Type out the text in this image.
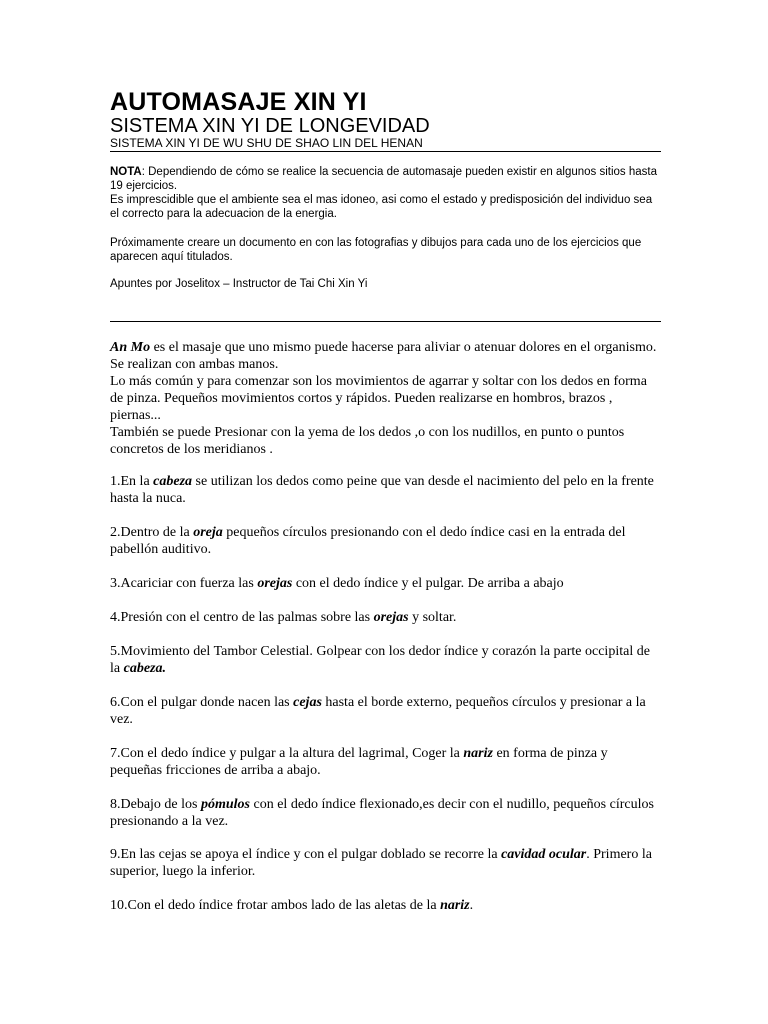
AUTOMASAJE XIN YI
SISTEMA XIN YI DE LONGEVIDAD
SISTEMA XIN YI DE WU SHU DE SHAO LIN DEL HENAN

NOTA: Dependiendo de cómo se realice la secuencia de automasaje pueden existir en algunos sitios hasta 19 ejercicios.

Es imprescidible que el ambiente sea el mas idoneo, asi como el estado y predisposición del individuo sea el correcto para la adecuacion de la energia.

Próximamente creare un documento en con las fotografias y dibujos para cada uno de los ejercicios que aparecen aquí titulados.

Apuntes por Joselitox – Instructor de Tai Chi Xin Yi

An Mo es el masaje que uno mismo puede hacerse para aliviar o atenuar dolores en el organismo. Se realizan con ambas manos.

Lo más común y para comenzar son los movimientos de agarrar y soltar con los dedos en forma de pinza. Pequeños movimientos cortos y rápidos. Pueden realizarse en hombros, brazos , piernas...

También se puede Presionar con la yema de los dedos ,o con los nudillos, en punto o puntos concretos de los meridianos .

1.En la cabeza se utilizan los dedos como peine que van desde el nacimiento del pelo en la frente hasta la nuca.

2.Dentro de la oreja pequeños círculos presionando con el dedo índice casi en la entrada del pabellón auditivo.

3.Acariciar con fuerza las orejas con el dedo índice y el pulgar. De arriba a abajo

4.Presión con el centro de las palmas sobre las orejas y soltar.

5.Movimiento del Tambor Celestial. Golpear con los dedor índice y corazón la parte occipital de la cabeza.

6.Con el pulgar donde nacen las cejas hasta el borde externo, pequeños círculos y presionar a la vez.

7.Con el dedo índice y pulgar a la altura del lagrimal, Coger la nariz en forma de pinza y pequeñas fricciones de arriba a abajo.

8.Debajo de los pómulos con el dedo índice flexionado,es decir con el nudillo, pequeños círculos presionando a la vez.

9.En las cejas se apoya el índice y con el pulgar doblado se recorre la cavidad ocular. Primero la superior, luego la inferior.

10.Con el dedo índice frotar ambos lado de las aletas de la nariz.
